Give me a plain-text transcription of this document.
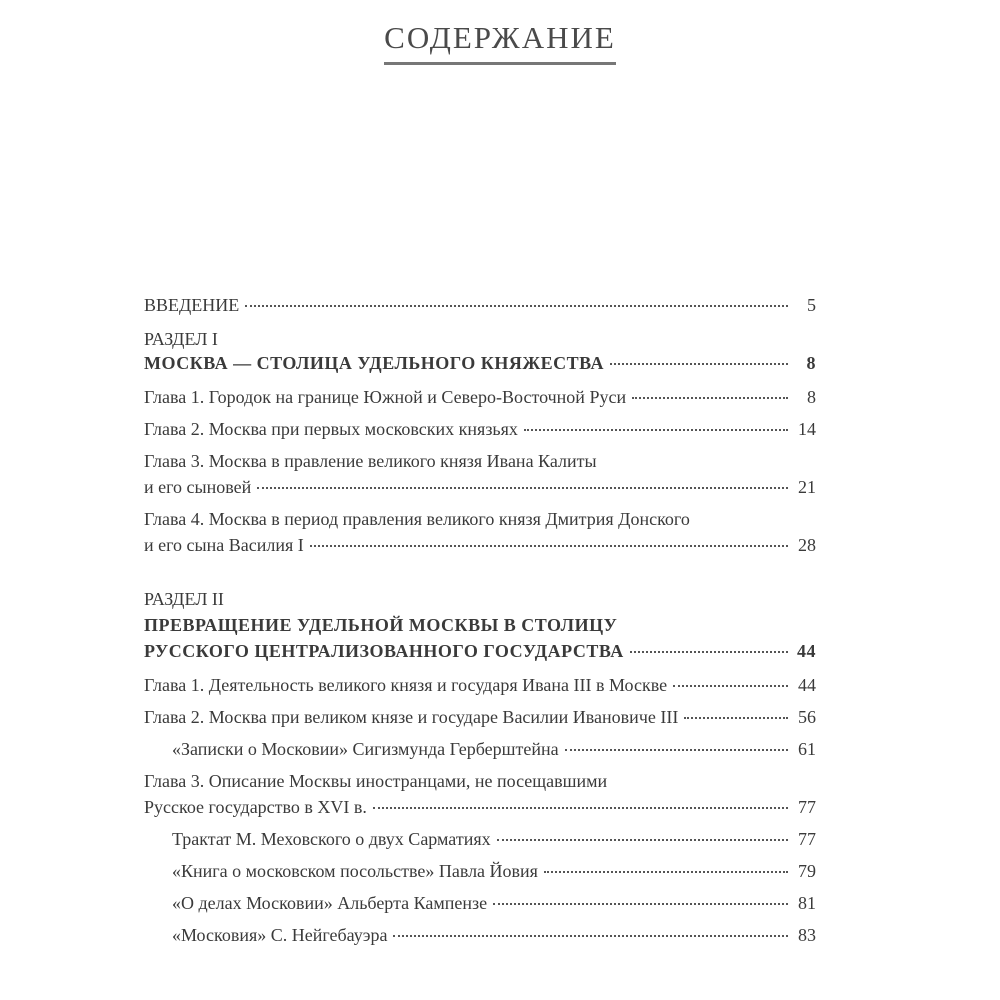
СОДЕРЖАНИЕ
ВВЕДЕНИЕ	5
РАЗДЕЛ I
МОСКВА — СТОЛИЦА УДЕЛЬНОГО КНЯЖЕСТВА	8
Глава 1. Городок на границе Южной и Северо-Восточной Руси	8
Глава 2. Москва при первых московских князьях	14
Глава 3. Москва в правление великого князя Ивана Калиты
и его сыновей	21
Глава 4. Москва в период правления великого князя Дмитрия Донского
и его сына Василия I	28
РАЗДЕЛ II
ПРЕВРАЩЕНИЕ УДЕЛЬНОЙ МОСКВЫ В СТОЛИЦУ
РУССКОГО ЦЕНТРАЛИЗОВАННОГО ГОСУДАРСТВА	44
Глава 1. Деятельность великого князя и государя Ивана III в Москве	44
Глава 2. Москва при великом князе и государе Василии Ивановиче III	56
«Записки о Московии» Сигизмунда Герберштейна	61
Глава 3. Описание Москвы иностранцами, не посещавшими
Русское государство в XVI в.	77
Трактат М. Меховского о двух Сарматиях	77
«Книга о московском посольстве» Павла Йовия	79
«О делах Московии» Альберта Кампензе	81
«Московия» С. Нейгебауэра	83
